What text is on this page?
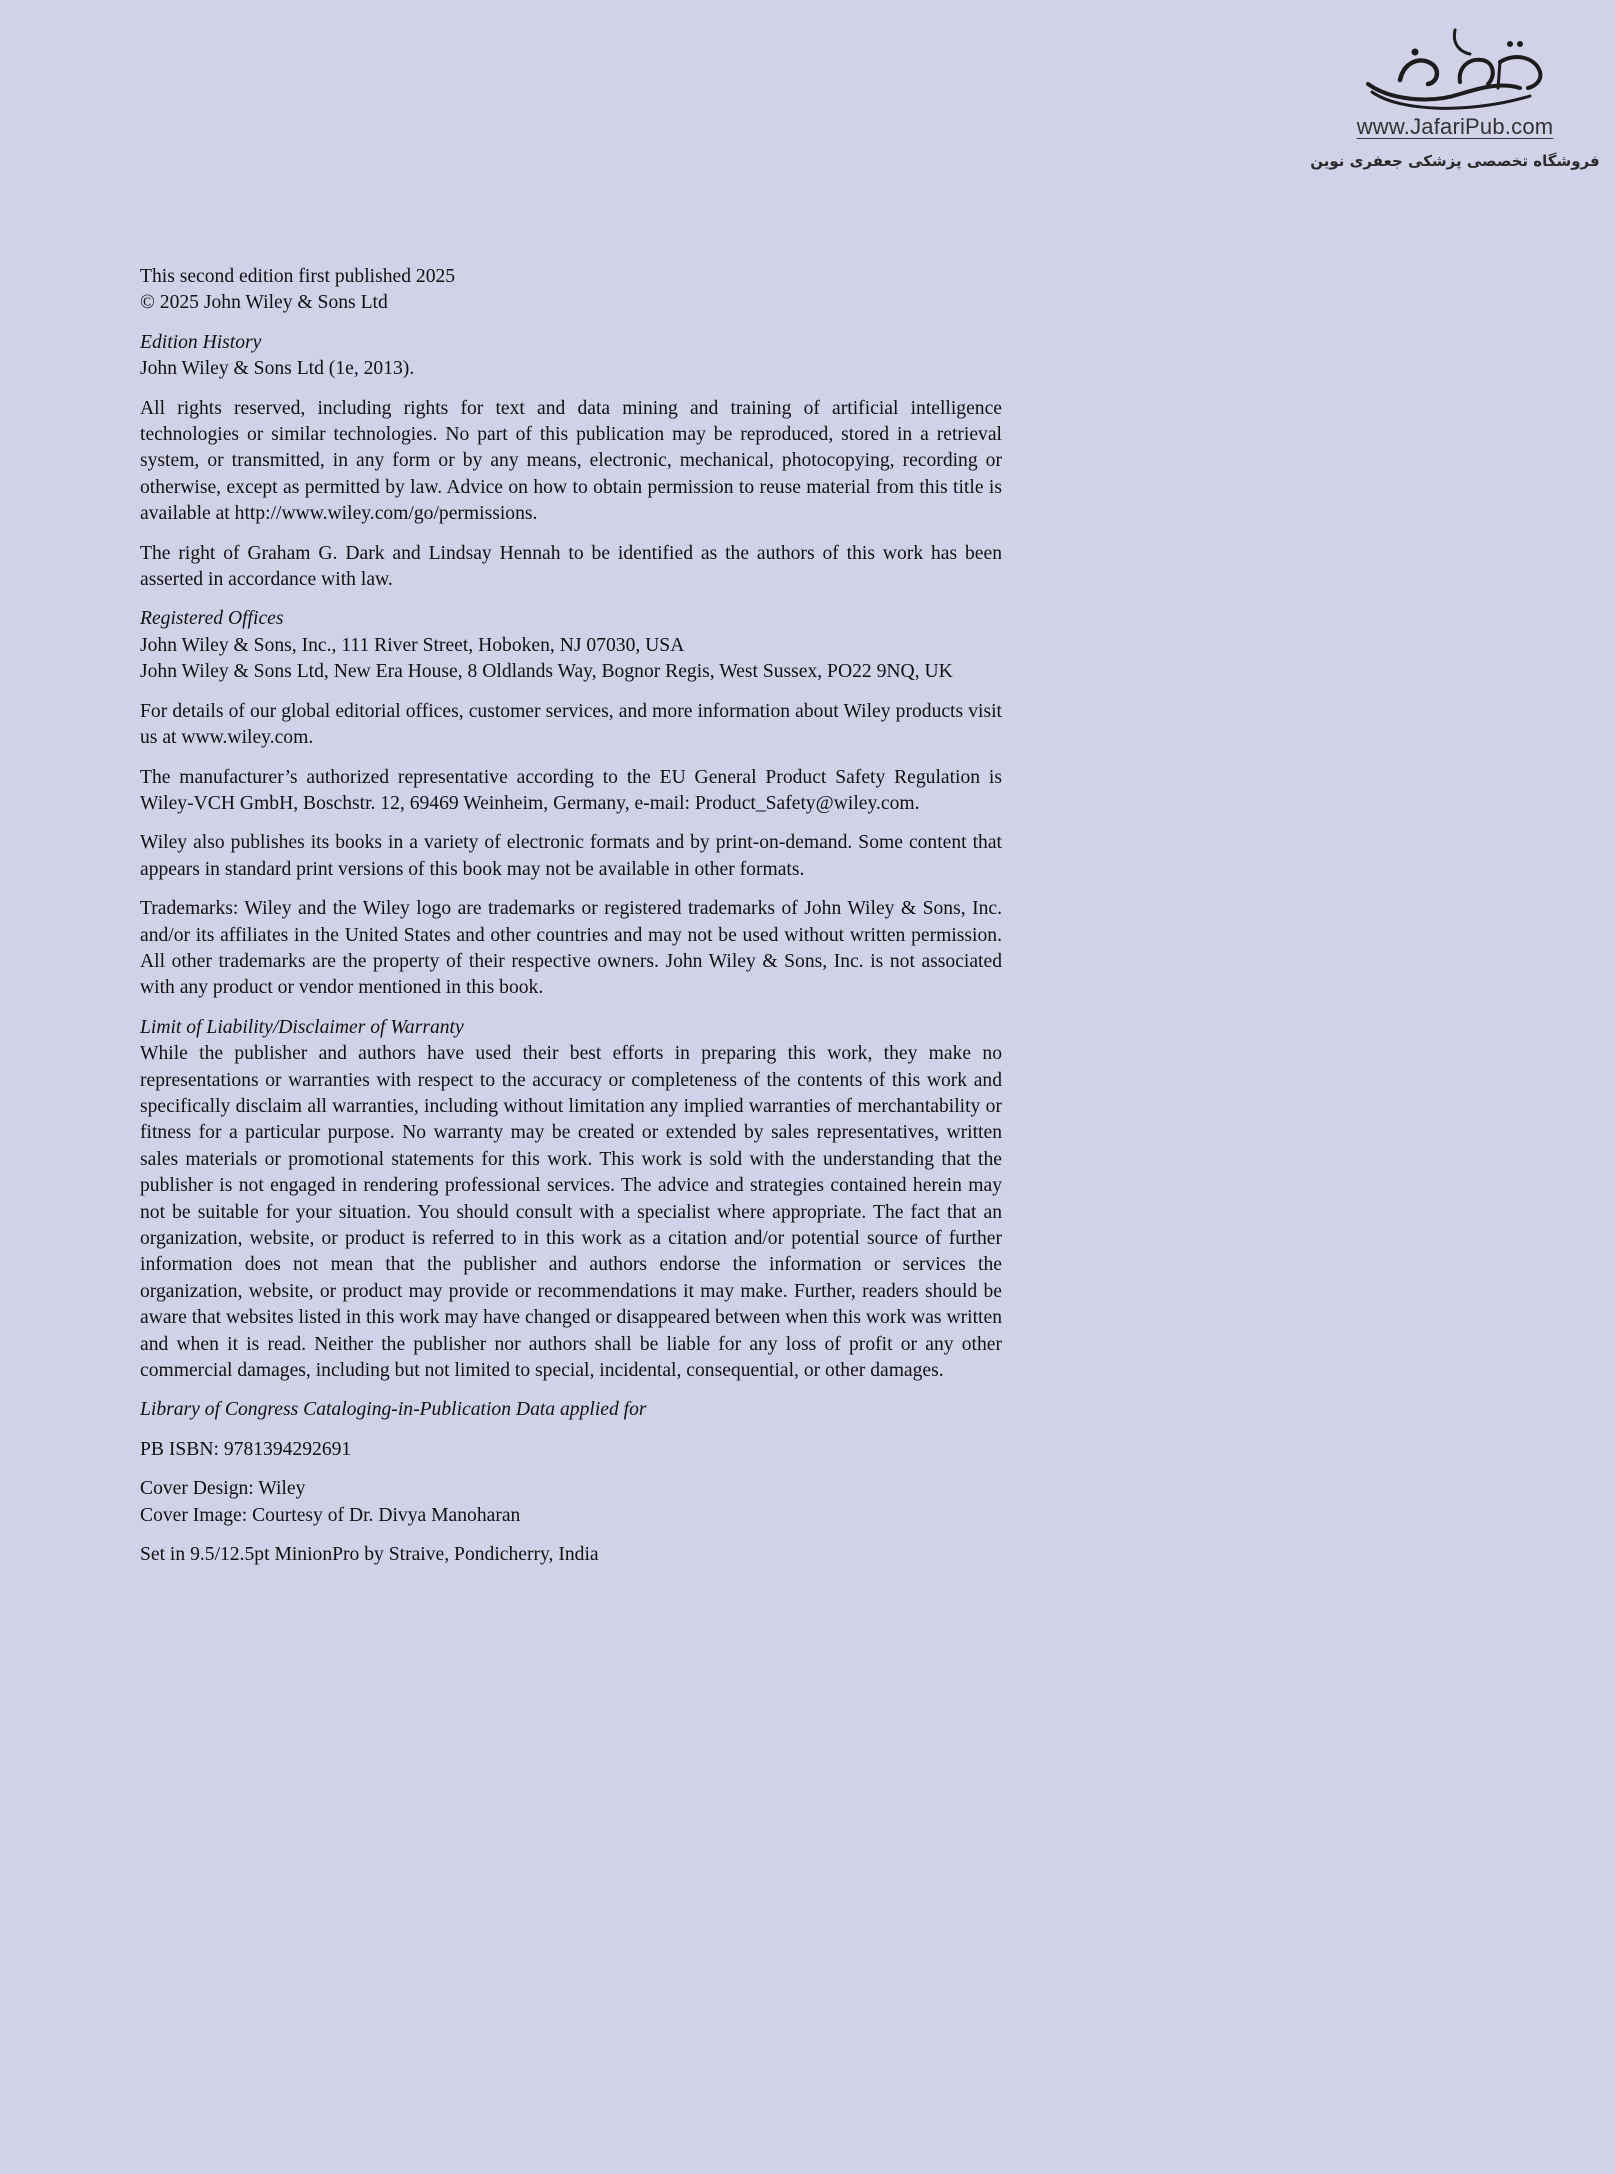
www.JafariPub.com
فروشگاه تخصصی پزشکی جعفری نوین

This second edition first published 2025
© 2025 John Wiley & Sons Ltd

Edition History
John Wiley & Sons Ltd (1e, 2013).

All rights reserved, including rights for text and data mining and training of artificial intelligence technologies or similar technologies. No part of this publication may be reproduced, stored in a retrieval system, or transmitted, in any form or by any means, electronic, mechanical, photocopying, recording or otherwise, except as permitted by law. Advice on how to obtain permission to reuse material from this title is available at http://www.wiley.com/go/permissions.

The right of Graham G. Dark and Lindsay Hennah to be identified as the authors of this work has been asserted in accordance with law.

Registered Offices
John Wiley & Sons, Inc., 111 River Street, Hoboken, NJ 07030, USA
John Wiley & Sons Ltd, New Era House, 8 Oldlands Way, Bognor Regis, West Sussex, PO22 9NQ, UK

For details of our global editorial offices, customer services, and more information about Wiley products visit us at www.wiley.com.

The manufacturer’s authorized representative according to the EU General Product Safety Regulation is Wiley-VCH GmbH, Boschstr. 12, 69469 Weinheim, Germany, e-mail: Product_Safety@wiley.com.

Wiley also publishes its books in a variety of electronic formats and by print-on-demand. Some content that appears in standard print versions of this book may not be available in other formats.

Trademarks: Wiley and the Wiley logo are trademarks or registered trademarks of John Wiley & Sons, Inc. and/or its affiliates in the United States and other countries and may not be used without written permission. All other trademarks are the property of their respective owners. John Wiley & Sons, Inc. is not associated with any product or vendor mentioned in this book.

Limit of Liability/Disclaimer of Warranty
While the publisher and authors have used their best efforts in preparing this work, they make no representations or warranties with respect to the accuracy or completeness of the contents of this work and specifically disclaim all warranties, including without limitation any implied warranties of merchantability or fitness for a particular purpose. No warranty may be created or extended by sales representatives, written sales materials or promotional statements for this work. This work is sold with the understanding that the publisher is not engaged in rendering professional services. The advice and strategies contained herein may not be suitable for your situation. You should consult with a specialist where appropriate. The fact that an organization, website, or product is referred to in this work as a citation and/or potential source of further information does not mean that the publisher and authors endorse the information or services the organization, website, or product may provide or recommendations it may make. Further, readers should be aware that websites listed in this work may have changed or disappeared between when this work was written and when it is read. Neither the publisher nor authors shall be liable for any loss of profit or any other commercial damages, including but not limited to special, incidental, consequential, or other damages.

Library of Congress Cataloging-in-Publication Data applied for

PB ISBN: 9781394292691

Cover Design: Wiley
Cover Image: Courtesy of Dr. Divya Manoharan

Set in 9.5/12.5pt MinionPro by Straive, Pondicherry, India
